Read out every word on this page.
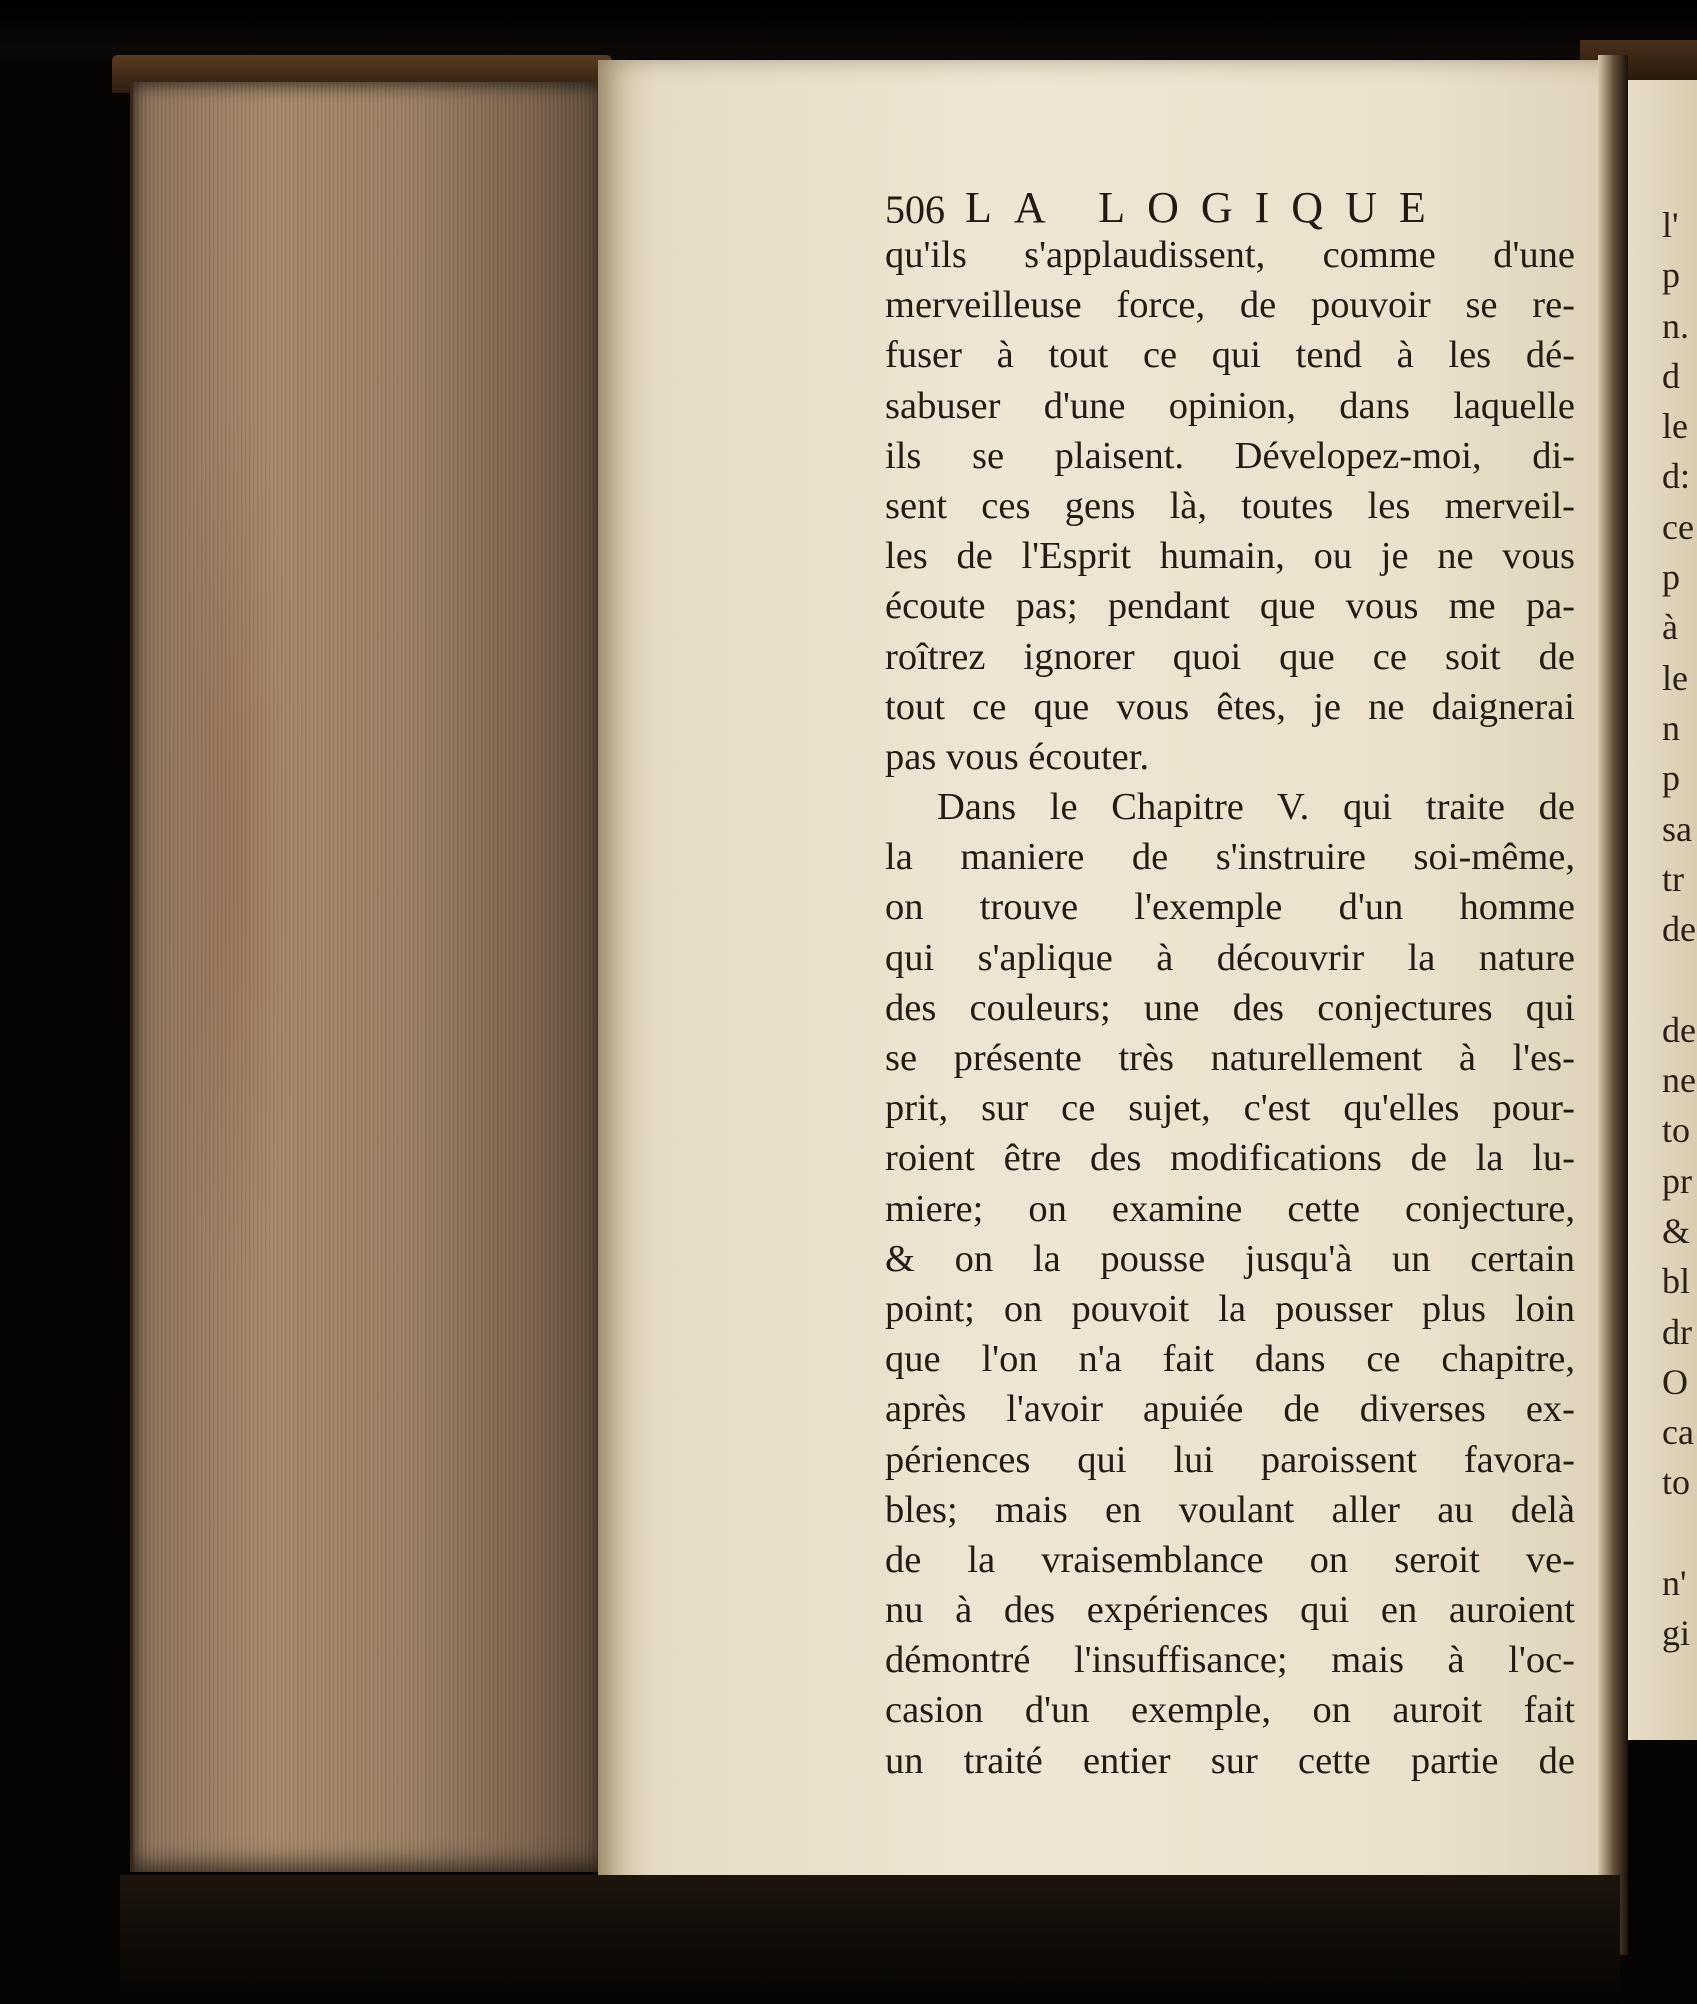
506 LA LOGIQUE
qu'ils s'applaudissent, comme d'une
merveilleuse force, de pouvoir se re-
fuser à tout ce qui tend à les dé-
sabuser d'une opinion, dans laquelle
ils se plaisent. Dévelopez-moi, di-
sent ces gens là, toutes les merveil-
les de l'Esprit humain, ou je ne vous
écoute pas; pendant que vous me pa-
roîtrez ignorer quoi que ce soit de
tout ce que vous êtes, je ne daignerai
pas vous écouter.
Dans le Chapitre V. qui traite de
la maniere de s'instruire soi-même,
on trouve l'exemple d'un homme
qui s'aplique à découvrir la nature
des couleurs; une des conjectures qui
se présente très naturellement à l'es-
prit, sur ce sujet, c'est qu'elles pour-
roient être des modifications de la lu-
miere; on examine cette conjecture,
& on la pousse jusqu'à un certain
point; on pouvoit la pousser plus loin
que l'on n'a fait dans ce chapitre,
après l'avoir apuiée de diverses ex-
périences qui lui paroissent favora-
bles; mais en voulant aller au delà
de la vraisemblance on seroit ve-
nu à des expériences qui en auroient
démontré l'insuffisance; mais à l'oc-
casion d'un exemple, on auroit fait
un traité entier sur cette partie de
l'
p
n.
d
le
d:
ce
p
à
le
n
p
sa
tr
de
de
ne
to
pr
&
bl
dr
O
ca
to
n'
gi
